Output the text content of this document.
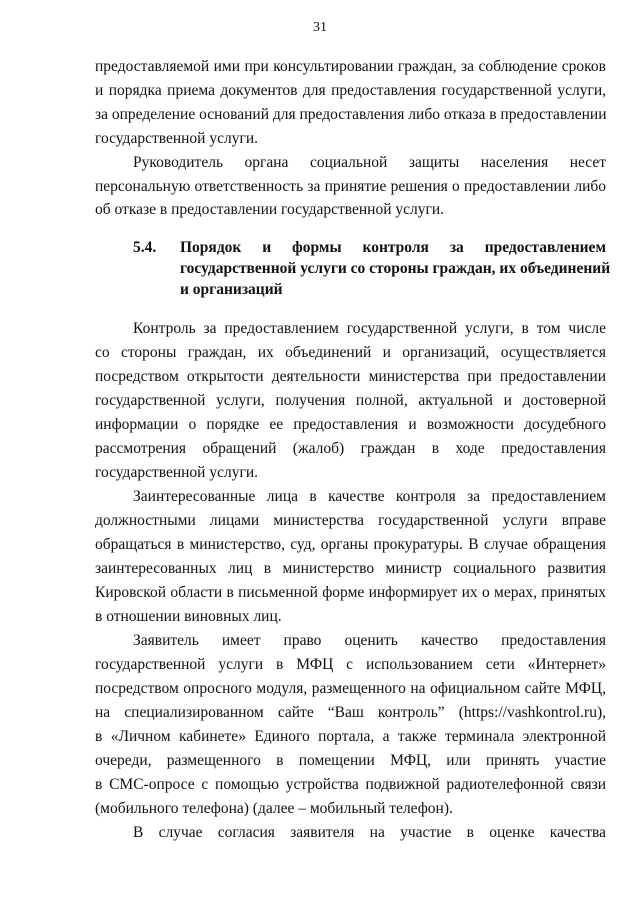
31
предоставляемой ими при консультировании граждан, за соблюдение сроков
и порядка приема документов для предоставления государственной услуги,
за определение оснований для предоставления либо отказа в предоставлении
государственной услуги.
Руководитель органа социальной защиты населения несет
персональную ответственность за принятие решения о предоставлении либо
об отказе в предоставлении государственной услуги.
5.4. Порядок и формы контроля за предоставлением
государственной услуги со стороны граждан, их объединений
и организаций
Контроль за предоставлением государственной услуги, в том числе
со стороны граждан, их объединений и организаций, осуществляется
посредством открытости деятельности министерства при предоставлении
государственной услуги, получения полной, актуальной и достоверной
информации о порядке ее предоставления и возможности досудебного
рассмотрения обращений (жалоб) граждан в ходе предоставления
государственной услуги.
Заинтересованные лица в качестве контроля за предоставлением
должностными лицами министерства государственной услуги вправе
обращаться в министерство, суд, органы прокуратуры. В случае обращения
заинтересованных лиц в министерство министр социального развития
Кировской области в письменной форме информирует их о мерах, принятых
в отношении виновных лиц.
Заявитель имеет право оценить качество предоставления
государственной услуги в МФЦ с использованием сети «Интернет»
посредством опросного модуля, размещенного на официальном сайте МФЦ,
на специализированном сайте “Ваш контроль” (https://vashkontrol.ru),
в «Личном кабинете» Единого портала, а также терминала электронной
очереди, размещенного в помещении МФЦ, или принять участие
в СМС-опросе с помощью устройства подвижной радиотелефонной связи
(мобильного телефона) (далее – мобильный телефон).
В случае согласия заявителя на участие в оценке качества
